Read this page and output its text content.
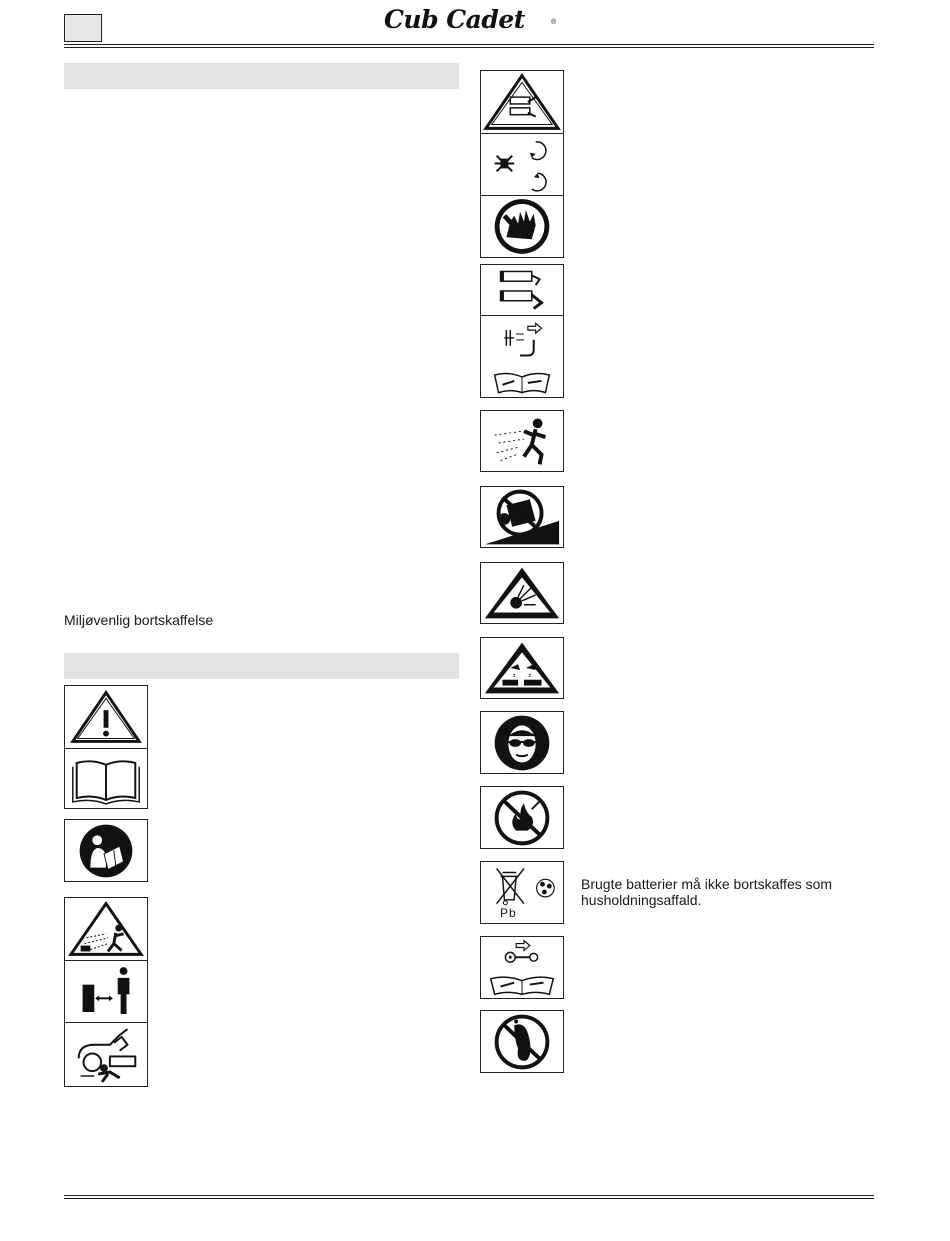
Cub Cadet	®
Miljøvenlig bortskaffelse
Pb
Brugte batterier må ikke bortskaffes som husholdningsaffald.
